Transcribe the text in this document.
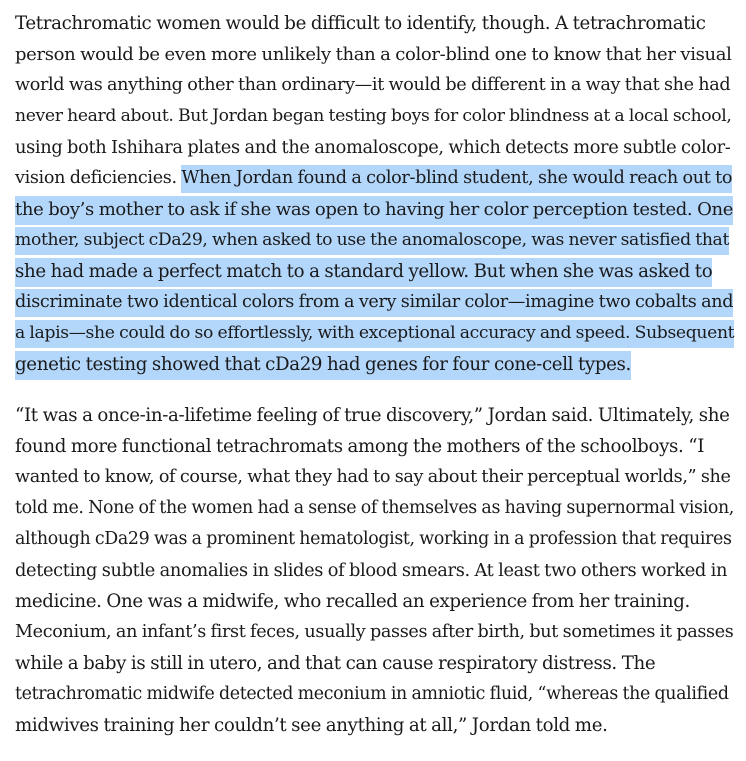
Tetrachromatic women would be difficult to identify, though. A tetrachromatic
person would be even more unlikely than a color-blind one to know that her visual
world was anything other than ordinary—it would be different in a way that she had
never heard about. But Jordan began testing boys for color blindness at a local school,
using both Ishihara plates and the anomaloscope, which detects more subtle color-
vision deficiencies. When Jordan found a color-blind student, she would reach out to
the boy’s mother to ask if she was open to having her color perception tested. One
mother, subject cDa29, when asked to use the anomaloscope, was never satisfied that
she had made a perfect match to a standard yellow. But when she was asked to
discriminate two identical colors from a very similar color—imagine two cobalts and
a lapis—she could do so effortlessly, with exceptional accuracy and speed. Subsequent
genetic testing showed that cDa29 had genes for four cone-cell types.
“It was a once-in-a-lifetime feeling of true discovery,” Jordan said. Ultimately, she
found more functional tetrachromats among the mothers of the schoolboys. “I
wanted to know, of course, what they had to say about their perceptual worlds,” she
told me. None of the women had a sense of themselves as having supernormal vision,
although cDa29 was a prominent hematologist, working in a profession that requires
detecting subtle anomalies in slides of blood smears. At least two others worked in
medicine. One was a midwife, who recalled an experience from her training.
Meconium, an infant’s first feces, usually passes after birth, but sometimes it passes
while a baby is still in utero, and that can cause respiratory distress. The
tetrachromatic midwife detected meconium in amniotic fluid, “whereas the qualified
midwives training her couldn’t see anything at all,” Jordan told me.
